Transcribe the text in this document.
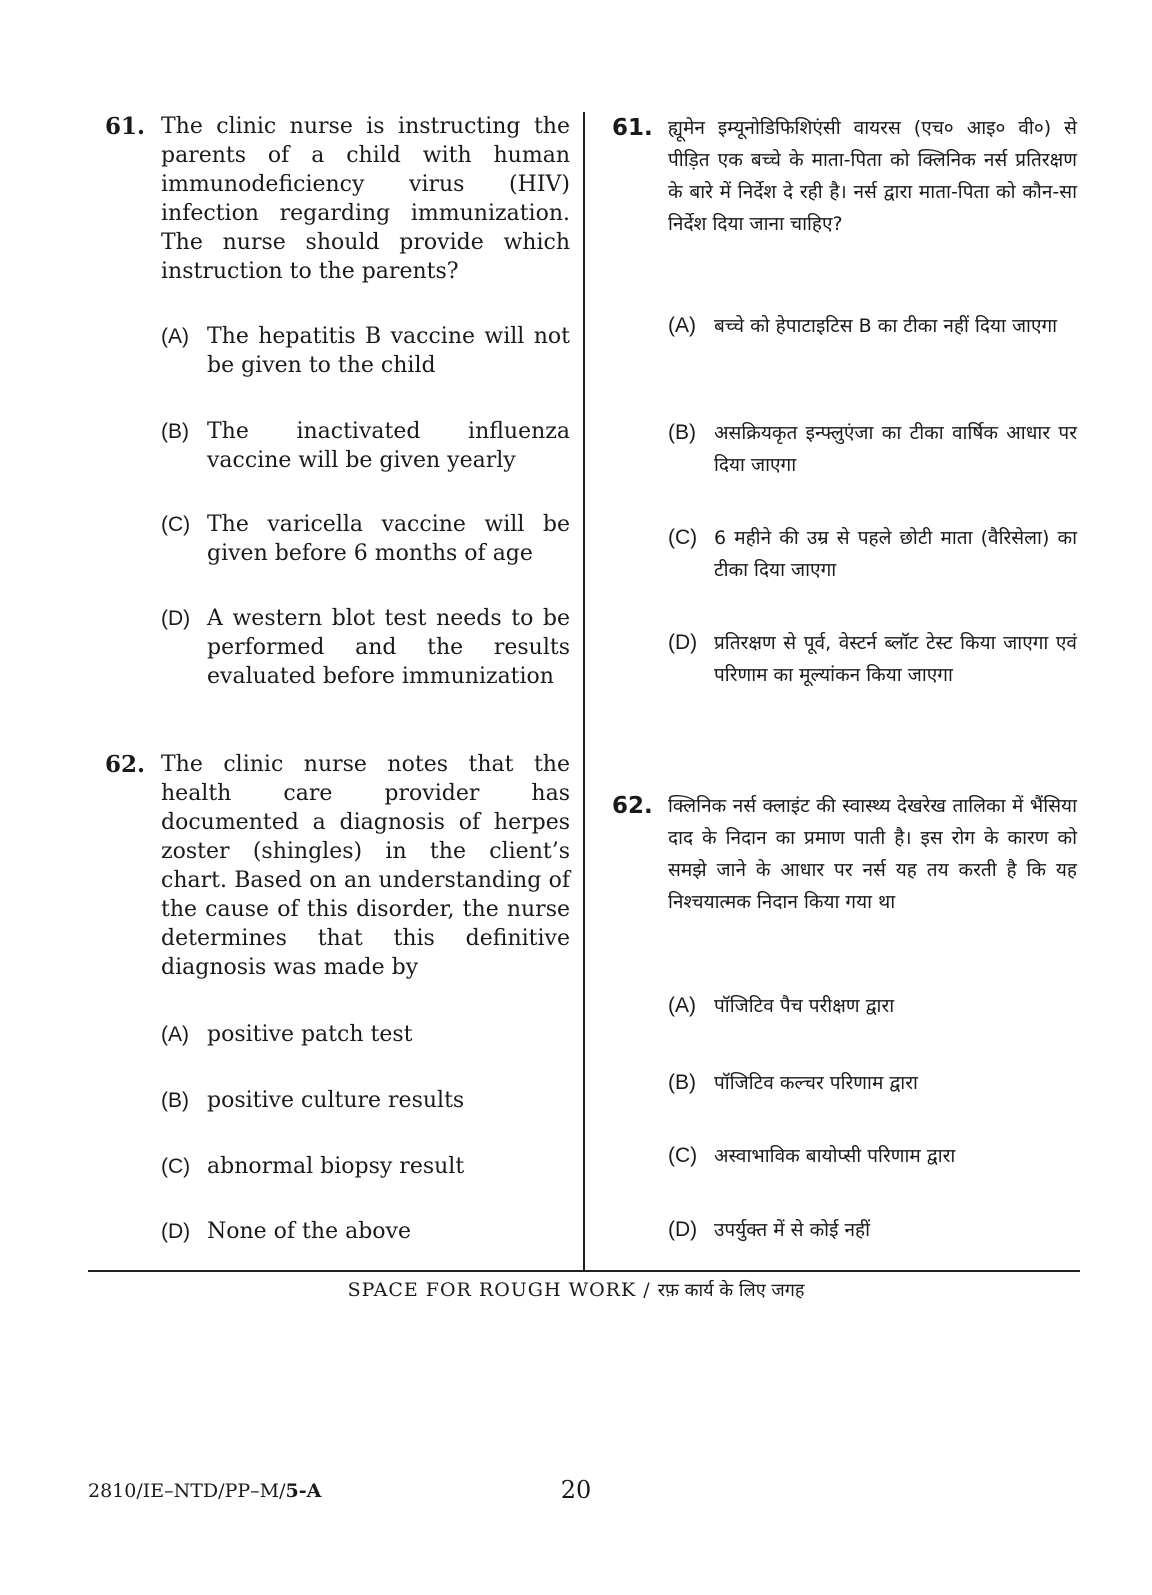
61. The clinic nurse is instructing the parents of a child with human immunodeficiency virus (HIV) infection regarding immunization. The nurse should provide which instruction to the parents?
(A) The hepatitis B vaccine will not be given to the child
(B) The inactivated influenza vaccine will be given yearly
(C) The varicella vaccine will be given before 6 months of age
(D) A western blot test needs to be performed and the results evaluated before immunization
62. The clinic nurse notes that the health care provider has documented a diagnosis of herpes zoster (shingles) in the client’s chart. Based on an understanding of the cause of this disorder, the nurse determines that this definitive diagnosis was made by
(A) positive patch test
(B) positive culture results
(C) abnormal biopsy result
(D) None of the above
61. ह्यूमेन इम्यूनोडिफिशिएंसी वायरस (एच० आइ० वी०) से पीड़ित एक बच्चे के माता-पिता को क्लिनिक नर्स प्रतिरक्षण के बारे में निर्देश दे रही है। नर्स द्वारा माता-पिता को कौन-सा निर्देश दिया जाना चाहिए?
(A) बच्चे को हेपाटाइटिस B का टीका नहीं दिया जाएगा
(B) असक्रियकृत इन्फ्लुएंजा का टीका वार्षिक आधार पर दिया जाएगा
(C) 6 महीने की उम्र से पहले छोटी माता (वैरिसेला) का टीका दिया जाएगा
(D) प्रतिरक्षण से पूर्व, वेस्टर्न ब्लॉट टेस्ट किया जाएगा एवं परिणाम का मूल्यांकन किया जाएगा
62. क्लिनिक नर्स क्लाइंट की स्वास्थ्य देखरेख तालिका में भैंसिया दाद के निदान का प्रमाण पाती है। इस रोग के कारण को समझे जाने के आधार पर नर्स यह तय करती है कि यह निश्चयात्मक निदान किया गया था
(A) पॉजिटिव पैच परीक्षण द्वारा
(B) पॉजिटिव कल्चर परिणाम द्वारा
(C) अस्वाभाविक बायोप्सी परिणाम द्वारा
(D) उपर्युक्त में से कोई नहीं
SPACE FOR ROUGH WORK / रफ़ कार्य के लिए जगह
2810/IE–NTD/PP–M/5-A	20
